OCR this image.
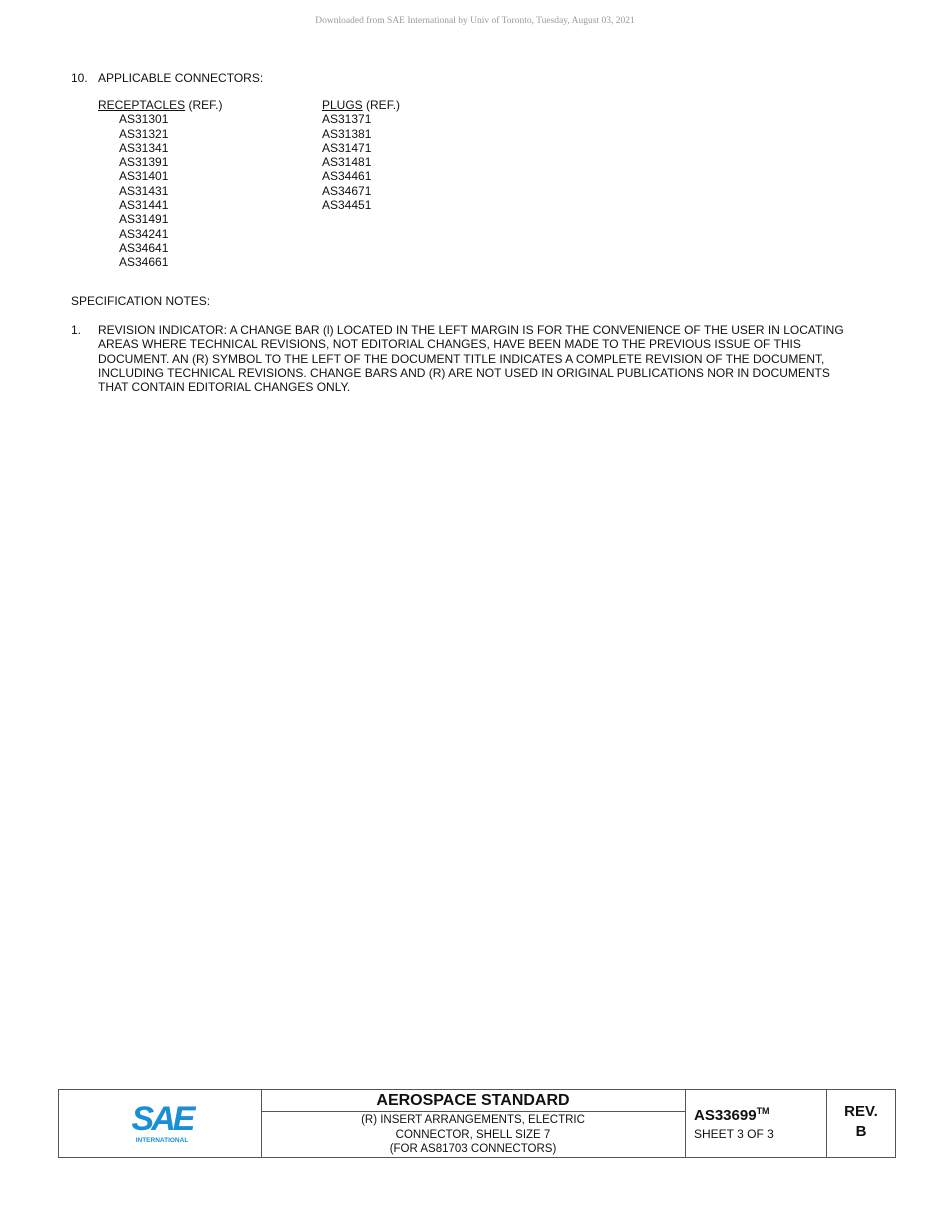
Downloaded from SAE International by Univ of Toronto, Tuesday, August 03, 2021
10. APPLICABLE CONNECTORS:
RECEPTACLES (REF.)
AS31301
AS31321
AS31341
AS31391
AS31401
AS31431
AS31441
AS31491
AS34241
AS34641
AS34661
PLUGS (REF.)
AS31371
AS31381
AS31471
AS31481
AS34461
AS34671
AS34451
SPECIFICATION NOTES:
1. REVISION INDICATOR: A CHANGE BAR (l) LOCATED IN THE LEFT MARGIN IS FOR THE CONVENIENCE OF THE USER IN LOCATING
AREAS WHERE TECHNICAL REVISIONS, NOT EDITORIAL CHANGES, HAVE BEEN MADE TO THE PREVIOUS ISSUE OF THIS
DOCUMENT. AN (R) SYMBOL TO THE LEFT OF THE DOCUMENT TITLE INDICATES A COMPLETE REVISION OF THE DOCUMENT,
INCLUDING TECHNICAL REVISIONS. CHANGE BARS AND (R) ARE NOT USED IN ORIGINAL PUBLICATIONS NOR IN DOCUMENTS
THAT CONTAIN EDITORIAL CHANGES ONLY.
SAE
INTERNATIONAL
AEROSPACE STANDARD
(R) INSERT ARRANGEMENTS, ELECTRIC
CONNECTOR, SHELL SIZE 7
(FOR AS81703 CONNECTORS)
AS33699™
SHEET 3 OF 3
REV.
B
